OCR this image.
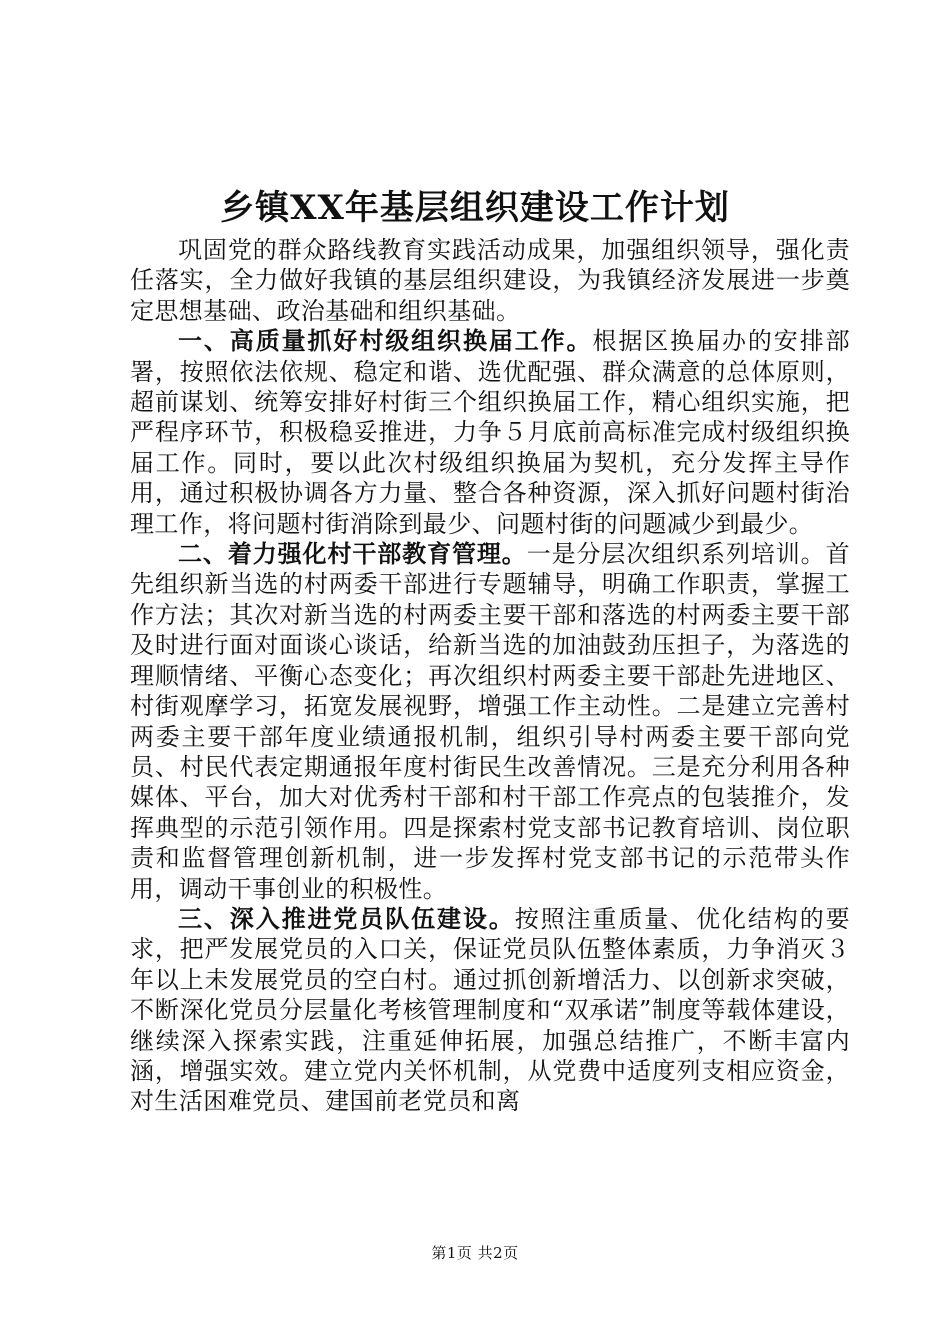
乡镇XX年基层组织建设工作计划

巩固党的群众路线教育实践活动成果，加强组织领导，强化责任落实，全力做好我镇的基层组织建设，为我镇经济发展进一步奠定思想基础、政治基础和组织基础。

一、高质量抓好村级组织换届工作。根据区换届办的安排部署，按照依法依规、稳定和谐、选优配强、群众满意的总体原则，超前谋划、统筹安排好村街三个组织换届工作，精心组织实施，把严程序环节，积极稳妥推进，力争５月底前高标准完成村级组织换届工作。同时，要以此次村级组织换届为契机，充分发挥主导作用，通过积极协调各方力量、整合各种资源，深入抓好问题村街治理工作，将问题村街消除到最少、问题村街的问题减少到最少。

二、着力强化村干部教育管理。一是分层次组织系列培训。首先组织新当选的村两委干部进行专题辅导，明确工作职责，掌握工作方法；其次对新当选的村两委主要干部和落选的村两委主要干部及时进行面对面谈心谈话，给新当选的加油鼓劲压担子，为落选的理顺情绪、平衡心态变化；再次组织村两委主要干部赴先进地区、村街观摩学习，拓宽发展视野，增强工作主动性。二是建立完善村两委主要干部年度业绩通报机制，组织引导村两委主要干部向党员、村民代表定期通报年度村街民生改善情况。三是充分利用各种媒体、平台，加大对优秀村干部和村干部工作亮点的包装推介，发挥典型的示范引领作用。四是探索村党支部书记教育培训、岗位职责和监督管理创新机制，进一步发挥村党支部书记的示范带头作用，调动干事创业的积极性。

三、深入推进党员队伍建设。按照注重质量、优化结构的要求，把严发展党员的入口关，保证党员队伍整体素质，力争消灭３年以上未发展党员的空白村。通过抓创新增活力、以创新求突破，不断深化党员分层量化考核管理制度和“双承诺”制度等载体建设，继续深入探索实践，注重延伸拓展，加强总结推广，不断丰富内涵，增强实效。建立党内关怀机制，从党费中适度列支相应资金，对生活困难党员、建国前老党员和离

第1页 共2页
